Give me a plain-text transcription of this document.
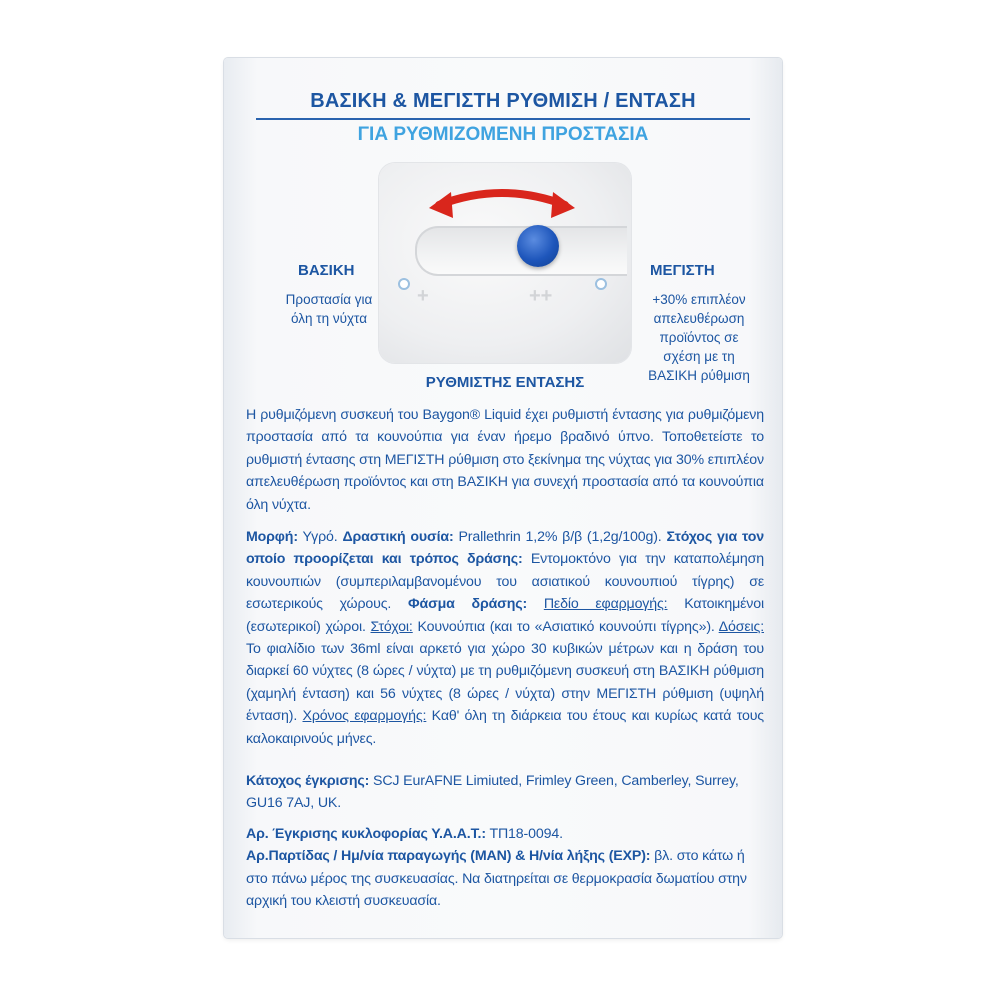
ΒΑΣΙΚΗ & ΜΕΓΙΣΤΗ ΡΥΘΜΙΣΗ / ΕΝΤΑΣΗ
ΓΙΑ ΡΥΘΜΙΖΟΜΕΝΗ ΠΡΟΣΤΑΣΙΑ
+	++
ΒΑΣΙΚΗ
Προστασία για
όλη τη νύχτα
ΜΕΓΙΣΤΗ
+30% επιπλέον
απελευθέρωση
προϊόντος σε
σχέση με τη
ΒΑΣΙΚΗ ρύθμιση
ΡΥΘΜΙΣΤΗΣ ΕΝΤΑΣΗΣ
Η ρυθμιζόμενη συσκευή του Baygon® Liquid έχει ρυθμιστή έντασης για ρυθμιζόμενη προστασία από τα κουνούπια για έναν ήρεμο βραδινό ύπνο. Τοποθετείστε το ρυθμιστή έντασης στη ΜΕΓΙΣΤΗ ρύθμιση στο ξεκίνημα της νύχτας για 30% επιπλέον απελευθέρωση προϊόντος και στη ΒΑΣΙΚΗ για συνεχή προστασία από τα κουνούπια όλη νύχτα.
Μορφή: Υγρό. Δραστική ουσία: Prallethrin 1,2% β/β (1,2g/100g). Στόχος για τον οποίο προορίζεται και τρόπος δράσης: Εντομοκτόνο για την καταπολέμηση κουνουπιών (συμπεριλαμβανομένου του ασιατικού κουνουπιού τίγρης) σε εσωτερικούς χώρους. Φάσμα δράσης: Πεδίο εφαρμογής: Κατοικημένοι (εσωτερικοί) χώροι. Στόχοι: Κουνούπια (και το «Ασιατικό κουνούπι τίγρης»). Δόσεις: Το φιαλίδιο των 36ml είναι αρκετό για χώρο 30 κυβικών μέτρων και η δράση του διαρκεί 60 νύχτες (8 ώρες / νύχτα) με τη ρυθμιζόμενη συσκευή στη ΒΑΣΙΚΗ ρύθμιση (χαμηλή ένταση) και 56 νύχτες (8 ώρες / νύχτα) στην ΜΕΓΙΣΤΗ ρύθμιση (υψηλή ένταση). Χρόνος εφαρμογής: Καθ' όλη τη διάρκεια του έτους και κυρίως κατά τους καλοκαιρινούς μήνες.
Κάτοχος έγκρισης: SCJ EurAFNE Limiuted, Frimley Green, Camberley, Surrey, GU16 7AJ, UK.
Αρ. Έγκρισης κυκλοφορίας Υ.Α.Α.Τ.: ΤΠ18-0094.
Αρ.Παρτίδας / Ημ/νία παραγωγής (MAN) & Η/νία λήξης (EXP): βλ. στο κάτω ή στο πάνω μέρος της συσκευασίας. Να διατηρείται σε θερμοκρασία δωματίου στην αρχική του κλειστή συσκευασία.
